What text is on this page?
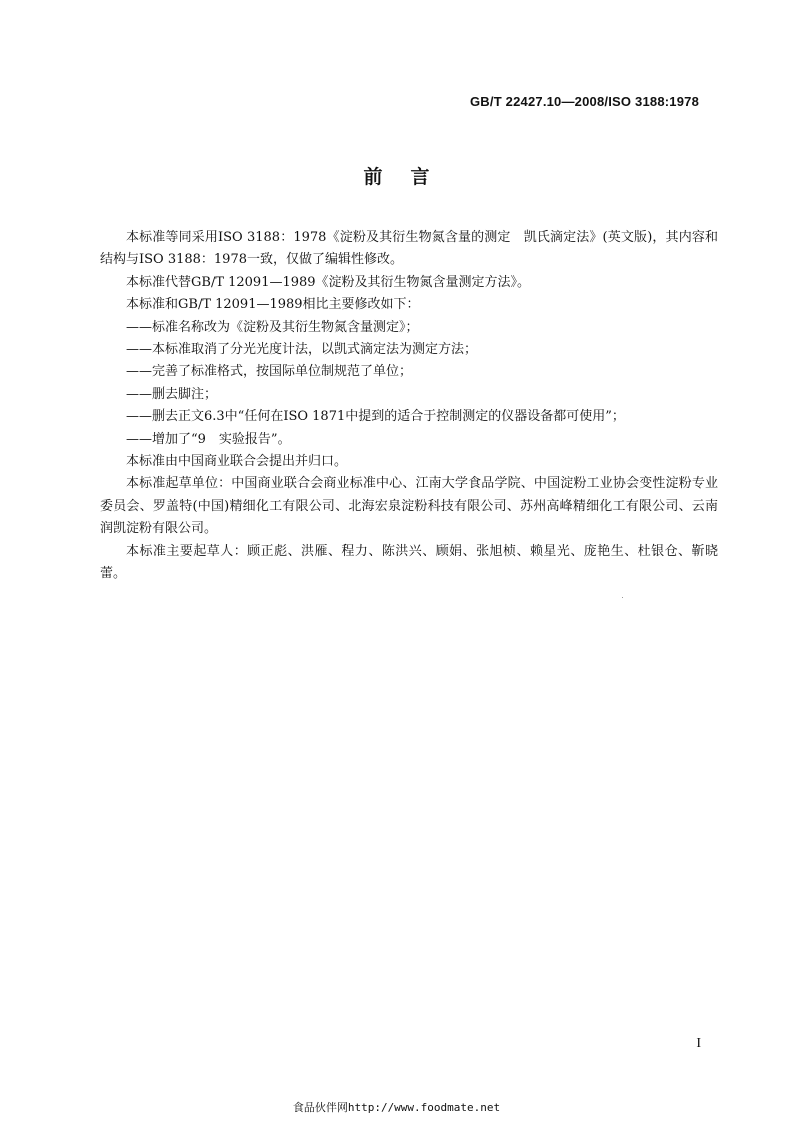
GB/T 22427.10—2008/ISO 3188:1978
前言

本标准等同采用ISO 3188：1978《淀粉及其衍生物氮含量的测定　凯氏滴定法》(英文版)，其内容和结构与ISO 3188：1978一致，仅做了编辑性修改。

本标准代替GB/T 12091—1989《淀粉及其衍生物氮含量测定方法》。

本标准和GB/T 12091—1989相比主要修改如下：

——标准名称改为《淀粉及其衍生物氮含量测定》；

——本标准取消了分光光度计法，以凯式滴定法为测定方法；

——完善了标准格式，按国际单位制规范了单位；

——删去脚注；

——删去正文6.3中“任何在ISO 1871中提到的适合于控制测定的仪器设备都可使用”；

——增加了“9　实验报告”。

本标准由中国商业联合会提出并归口。

本标准起草单位：中国商业联合会商业标准中心、江南大学食品学院、中国淀粉工业协会变性淀粉专业委员会、罗盖特(中国)精细化工有限公司、北海宏泉淀粉科技有限公司、苏州高峰精细化工有限公司、云南润凯淀粉有限公司。

本标准主要起草人：顾正彪、洪雁、程力、陈洪兴、顾娟、张旭桢、赖星光、庞艳生、杜银仓、靳晓蕾。

I
食品伙伴网http://www.foodmate.net
